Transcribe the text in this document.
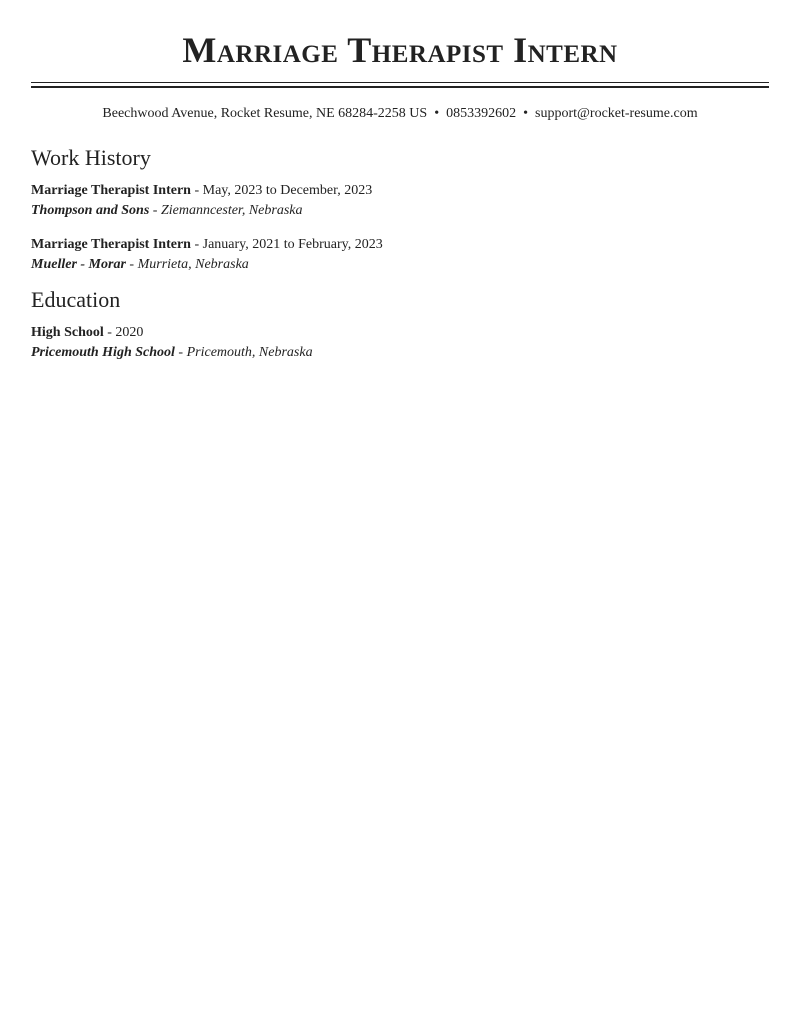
Marriage Therapist Intern
Beechwood Avenue, Rocket Resume, NE 68284-2258 US • 0853392602 • support@rocket-resume.com
Work History
Marriage Therapist Intern - May, 2023 to December, 2023
Thompson and Sons - Ziemanncester, Nebraska
Marriage Therapist Intern - January, 2021 to February, 2023
Mueller - Morar - Murrieta, Nebraska
Education
High School - 2020
Pricemouth High School - Pricemouth, Nebraska
